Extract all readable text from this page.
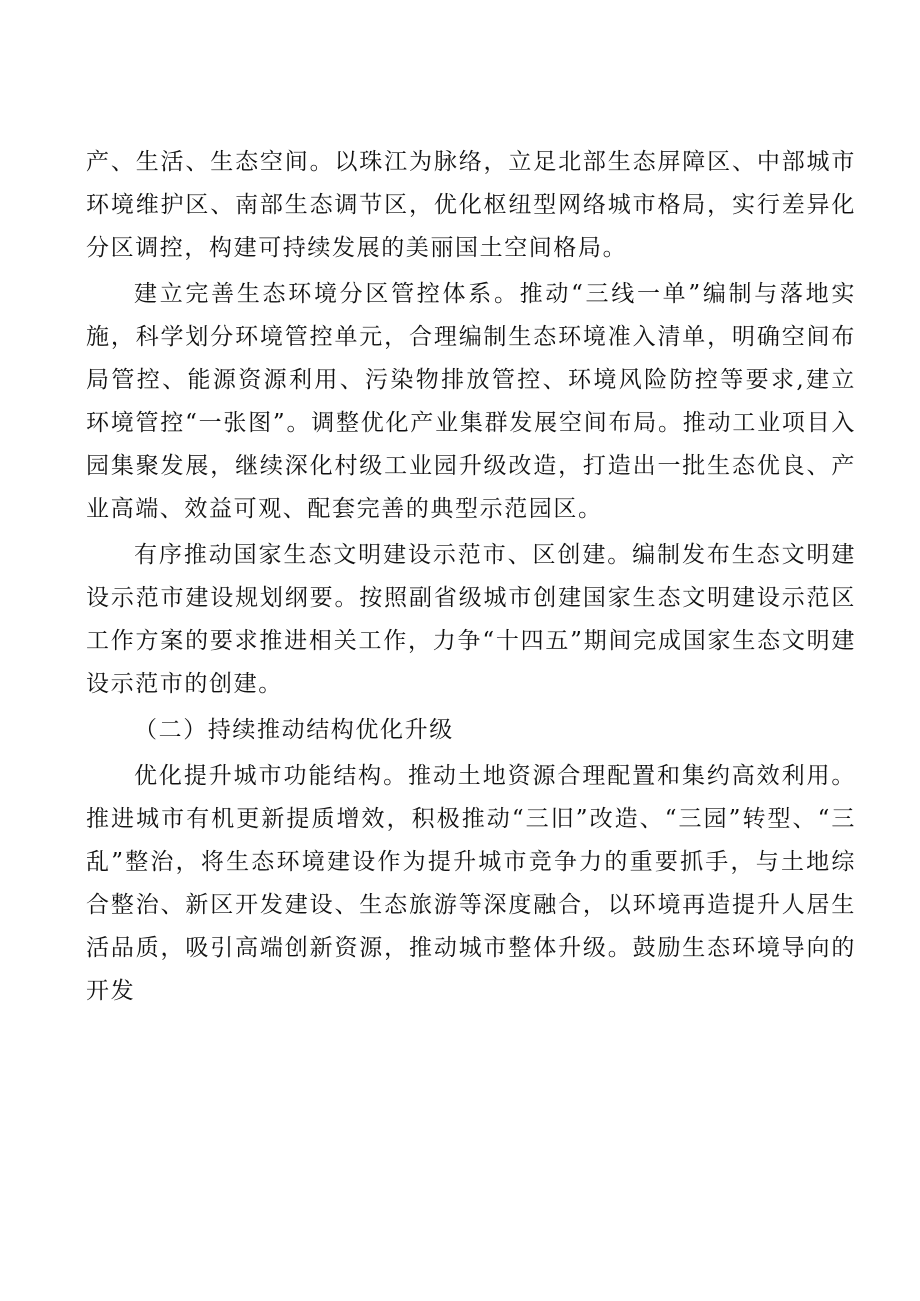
产、生活、生态空间。以珠江为脉络，立足北部生态屏障区、中部城市环境维护区、南部生态调节区，优化枢纽型网络城市格局，实行差异化分区调控，构建可持续发展的美丽国土空间格局。

建立完善生态环境分区管控体系。推动“三线一单”编制与落地实施，科学划分环境管控单元，合理编制生态环境准入清单，明确空间布局管控、能源资源利用、污染物排放管控、环境风险防控等要求,建立环境管控“一张图”。调整优化产业集群发展空间布局。推动工业项目入园集聚发展，继续深化村级工业园升级改造，打造出一批生态优良、产业高端、效益可观、配套完善的典型示范园区。

有序推动国家生态文明建设示范市、区创建。编制发布生态文明建设示范市建设规划纲要。按照副省级城市创建国家生态文明建设示范区工作方案的要求推进相关工作，力争“十四五”期间完成国家生态文明建设示范市的创建。

（二）持续推动结构优化升级

优化提升城市功能结构。推动土地资源合理配置和集约高效利用。推进城市有机更新提质增效，积极推动“三旧”改造、“三园”转型、“三乱”整治，将生态环境建设作为提升城市竞争力的重要抓手，与土地综合整治、新区开发建设、生态旅游等深度融合，以环境再造提升人居生活品质，吸引高端创新资源，推动城市整体升级。鼓励生态环境导向的开发
